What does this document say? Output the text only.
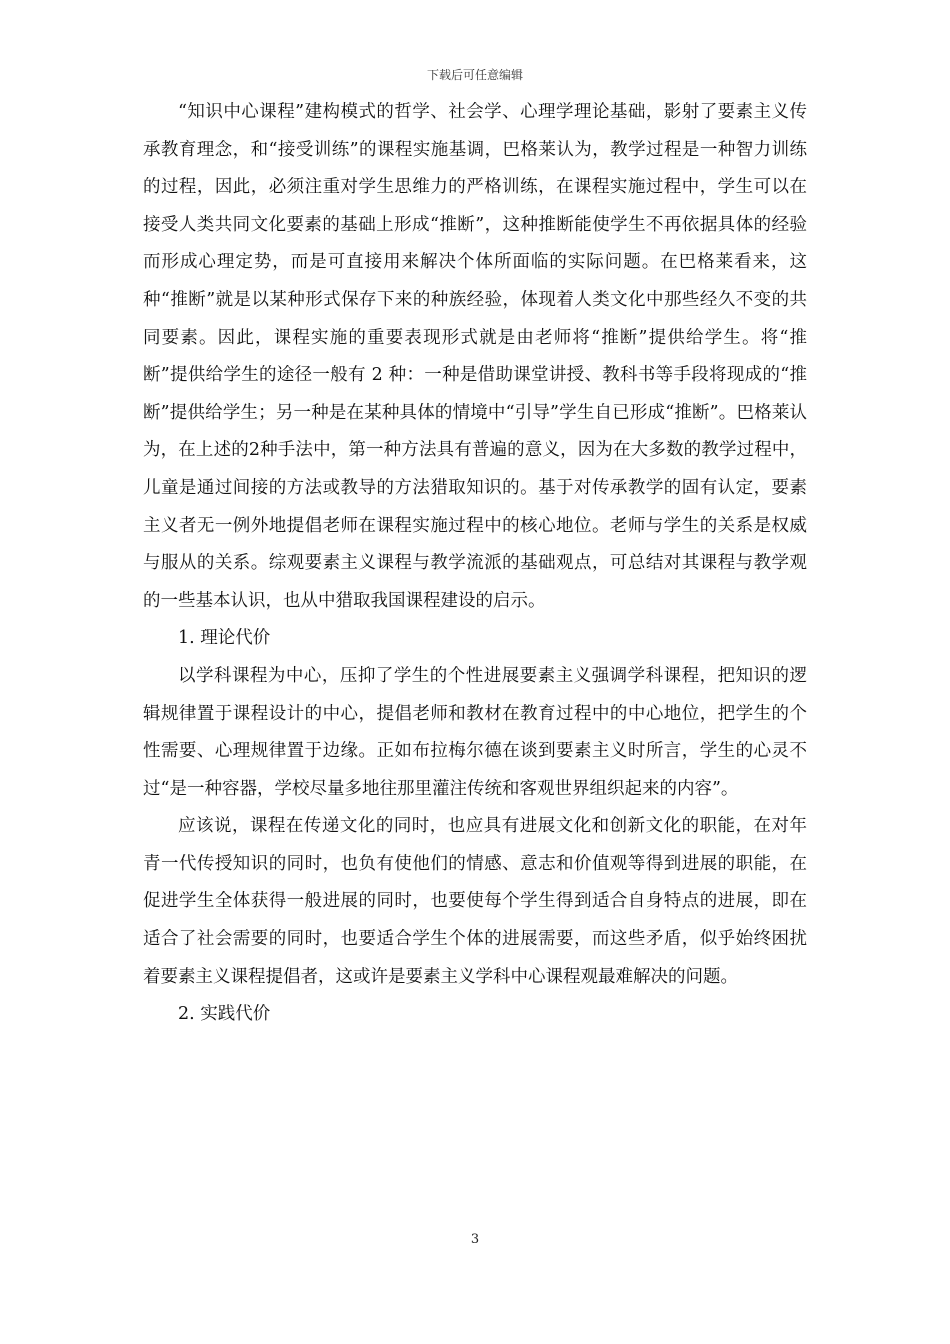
下载后可任意编辑

“知识中心课程”建构模式的哲学、社会学、心理学理论基础，影射了要素主义传承教育理念，和“接受训练”的课程实施基调，巴格莱认为，教学过程是一种智力训练的过程，因此，必须注重对学生思维力的严格训练，在课程实施过程中，学生可以在接受人类共同文化要素的基础上形成“推断”，这种推断能使学生不再依据具体的经验而形成心理定势，而是可直接用来解决个体所面临的实际问题。在巴格莱看来，这种“推断”就是以某种形式保存下来的种族经验，体现着人类文化中那些经久不变的共同要素。因此，课程实施的重要表现形式就是由老师将“推断”提供给学生。将“推断”提供给学生的途径一般有 2 种：一种是借助课堂讲授、教科书等手段将现成的“推断”提供给学生；另一种是在某种具体的情境中“引导”学生自已形成“推断”。巴格莱认为，在上述的2种手法中，第一种方法具有普遍的意义，因为在大多数的教学过程中，儿童是通过间接的方法或教导的方法猎取知识的。基于对传承教学的固有认定，要素主义者无一例外地提倡老师在课程实施过程中的核心地位。老师与学生的关系是权威与服从的关系。综观要素主义课程与教学流派的基础观点，可总结对其课程与教学观的一些基本认识，也从中猎取我国课程建设的启示。

1. 理论代价

以学科课程为中心，压抑了学生的个性进展要素主义强调学科课程，把知识的逻辑规律置于课程设计的中心，提倡老师和教材在教育过程中的中心地位，把学生的个性需要、心理规律置于边缘。正如布拉梅尔德在谈到要素主义时所言，学生的心灵不过“是一种容器，学校尽量多地往那里灌注传统和客观世界组织起来的内容”。

应该说，课程在传递文化的同时，也应具有进展文化和创新文化的职能，在对年青一代传授知识的同时，也负有使他们的情感、意志和价值观等得到进展的职能，在促进学生全体获得一般进展的同时，也要使每个学生得到适合自身特点的进展，即在适合了社会需要的同时，也要适合学生个体的进展需要，而这些矛盾，似乎始终困扰着要素主义课程提倡者，这或许是要素主义学科中心课程观最难解决的问题。

2. 实践代价

3
